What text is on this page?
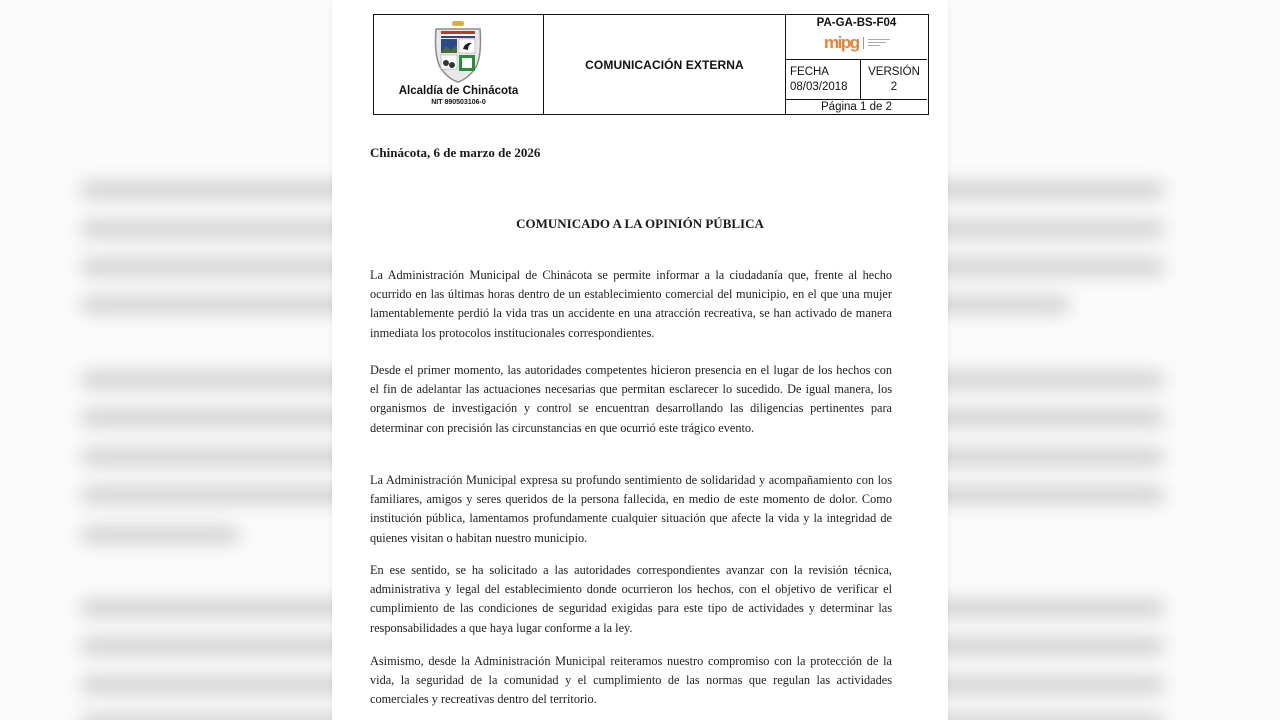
Alcaldía de Chinácota
NIT 890503106-0
COMUNICACIÓN EXTERNA
PA-GA-BS-F04
mipg
FECHA
08/03/2018
VERSIÓN
2
Página 1 de 2
Chinácota, 6 de marzo de 2026
COMUNICADO A LA OPINIÓN PÚBLICA

La Administración Municipal de Chinácota se permite informar a la ciudadanía que, frente al hecho ocurrido en las últimas horas dentro de un establecimiento comercial del municipio, en el que una mujer lamentablemente perdió la vida tras un accidente en una atracción recreativa, se han activado de manera inmediata los protocolos institucionales correspondientes.

Desde el primer momento, las autoridades competentes hicieron presencia en el lugar de los hechos con el fin de adelantar las actuaciones necesarias que permitan esclarecer lo sucedido. De igual manera, los organismos de investigación y control se encuentran desarrollando las diligencias pertinentes para determinar con precisión las circunstancias en que ocurrió este trágico evento.

La Administración Municipal expresa su profundo sentimiento de solidaridad y acompañamiento con los familiares, amigos y seres queridos de la persona fallecida, en medio de este momento de dolor. Como institución pública, lamentamos profundamente cualquier situación que afecte la vida y la integridad de quienes visitan o habitan nuestro municipio.

En ese sentido, se ha solicitado a las autoridades correspondientes avanzar con la revisión técnica, administrativa y legal del establecimiento donde ocurrieron los hechos, con el objetivo de verificar el cumplimiento de las condiciones de seguridad exigidas para este tipo de actividades y determinar las responsabilidades a que haya lugar conforme a la ley.

Asimismo, desde la Administración Municipal reiteramos nuestro compromiso con la protección de la vida, la seguridad de la comunidad y el cumplimiento de las normas que regulan las actividades comerciales y recreativas dentro del territorio.
